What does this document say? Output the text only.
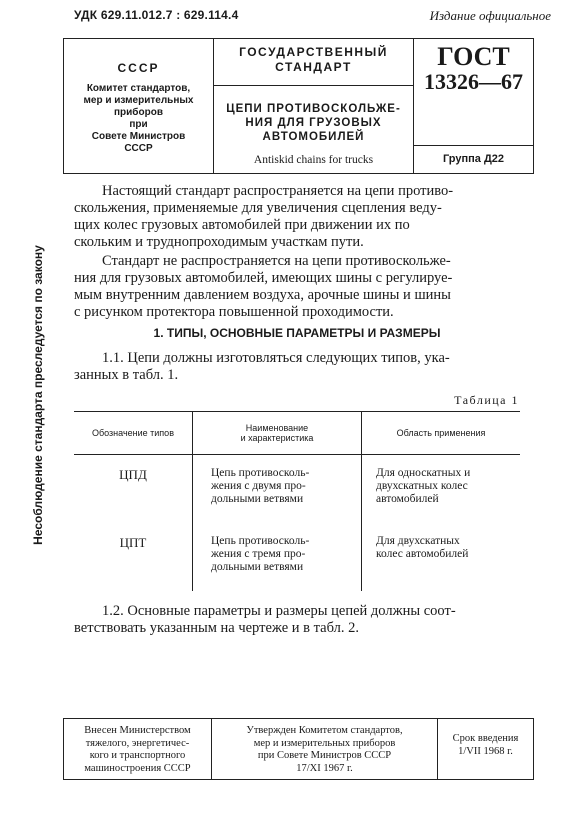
УДК 629.11.012.7 : 629.114.4	Издание официальное
Несоблюдение стандарта преследуется по закону
СССР
Комитет стандартов,
мер и измерительных
приборов
при
Совете Министров
СССР
ГОСУДАРСТВЕННЫЙ
СТАНДАРТ
ЦЕПИ ПРОТИВОСКОЛЬЖЕ-
НИЯ ДЛЯ ГРУЗОВЫХ
АВТОМОБИЛЕЙ
Antiskid chains for trucks
ГОСТ
13326—67
Группа Д22
Настоящий стандарт распространяется на цепи противо-
скольжения, применяемые для увеличения сцепления веду-
щих колес грузовых автомобилей при движении их по
скольким и труднопроходимым участкам пути.
Стандарт не распространяется на цепи противоскольже-
ния для грузовых автомобилей, имеющих шины с регулируе-
мым внутренним давлением воздуха, арочные шины и шины
с рисунком протектора повышенной проходимости.
1. ТИПЫ, ОСНОВНЫЕ ПАРАМЕТРЫ И РАЗМЕРЫ
1.1. Цепи должны изготовляться следующих типов, ука-
занных в табл. 1.
Таблица 1
Обозначение типов	Наименование
и характеристика	Область применения
ЦПД	Цепь противосколь-
жения с двумя про-
дольными ветвями	Для односкатных и
двухскатных колес
автомобилей
ЦПТ	Цепь противосколь-
жения с тремя про-
дольными ветвями	Для двухскатных
колес автомобилей
1.2. Основные параметры и размеры цепей должны соот-
ветствовать указанным на чертеже и в табл. 2.
Внесен Министерством
тяжелого, энергетичес-
кого и транспортного
машиностроения СССР
Утвержден Комитетом стандартов,
мер и измерительных приборов
при Совете Министров СССР
17/XI 1967 г.
Срок введения
1/VII 1968 г.
